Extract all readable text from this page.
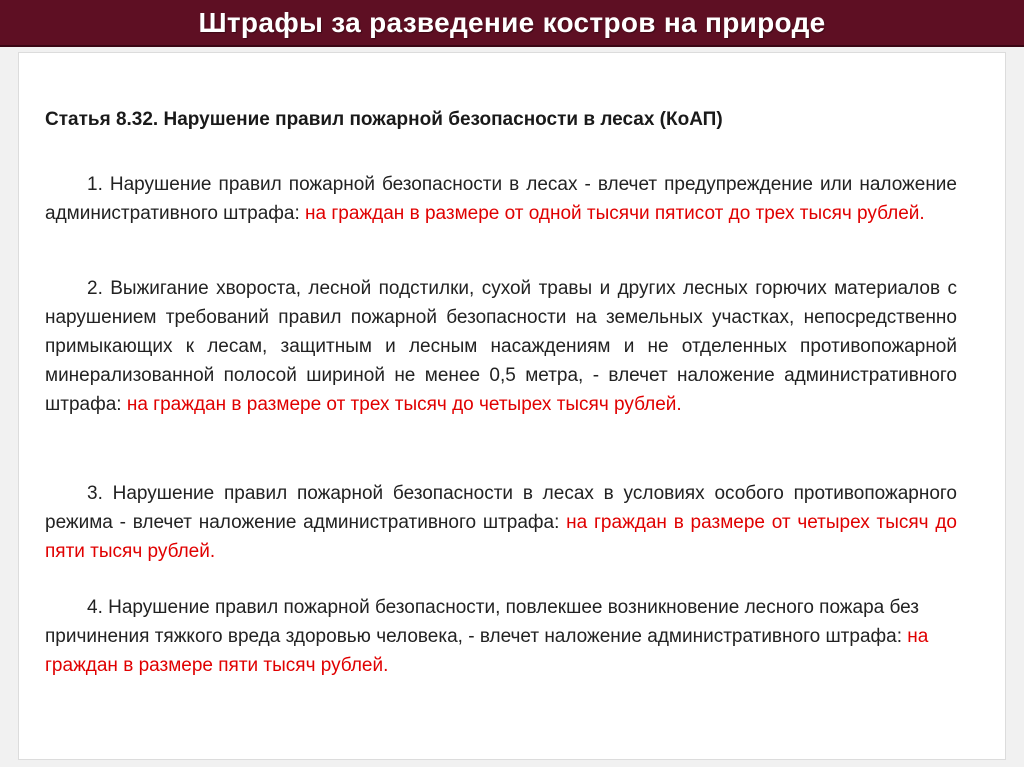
Штрафы за разведение костров на природе
Статья 8.32. Нарушение правил пожарной безопасности в лесах (КоАП)
1. Нарушение правил пожарной безопасности в лесах - влечет предупреждение или наложение административного штрафа: на граждан в размере от одной тысячи пятисот до трех тысяч рублей.
2. Выжигание хвороста, лесной подстилки, сухой травы и других лесных горючих материалов с нарушением требований правил пожарной безопасности на земельных участках, непосредственно примыкающих к лесам, защитным и лесным насаждениям и не отделенных противопожарной минерализованной полосой шириной не менее 0,5 метра, - влечет наложение административного штрафа: на граждан в размере от трех тысяч до четырех тысяч рублей.
3. Нарушение правил пожарной безопасности в лесах в условиях особого противопожарного режима - влечет наложение административного штрафа: на граждан в размере от четырех тысяч до пяти тысяч рублей.
4. Нарушение правил пожарной безопасности, повлекшее возникновение лесного пожара без причинения тяжкого вреда здоровью человека, - влечет наложение административного штрафа: на граждан в размере пяти тысяч рублей.
